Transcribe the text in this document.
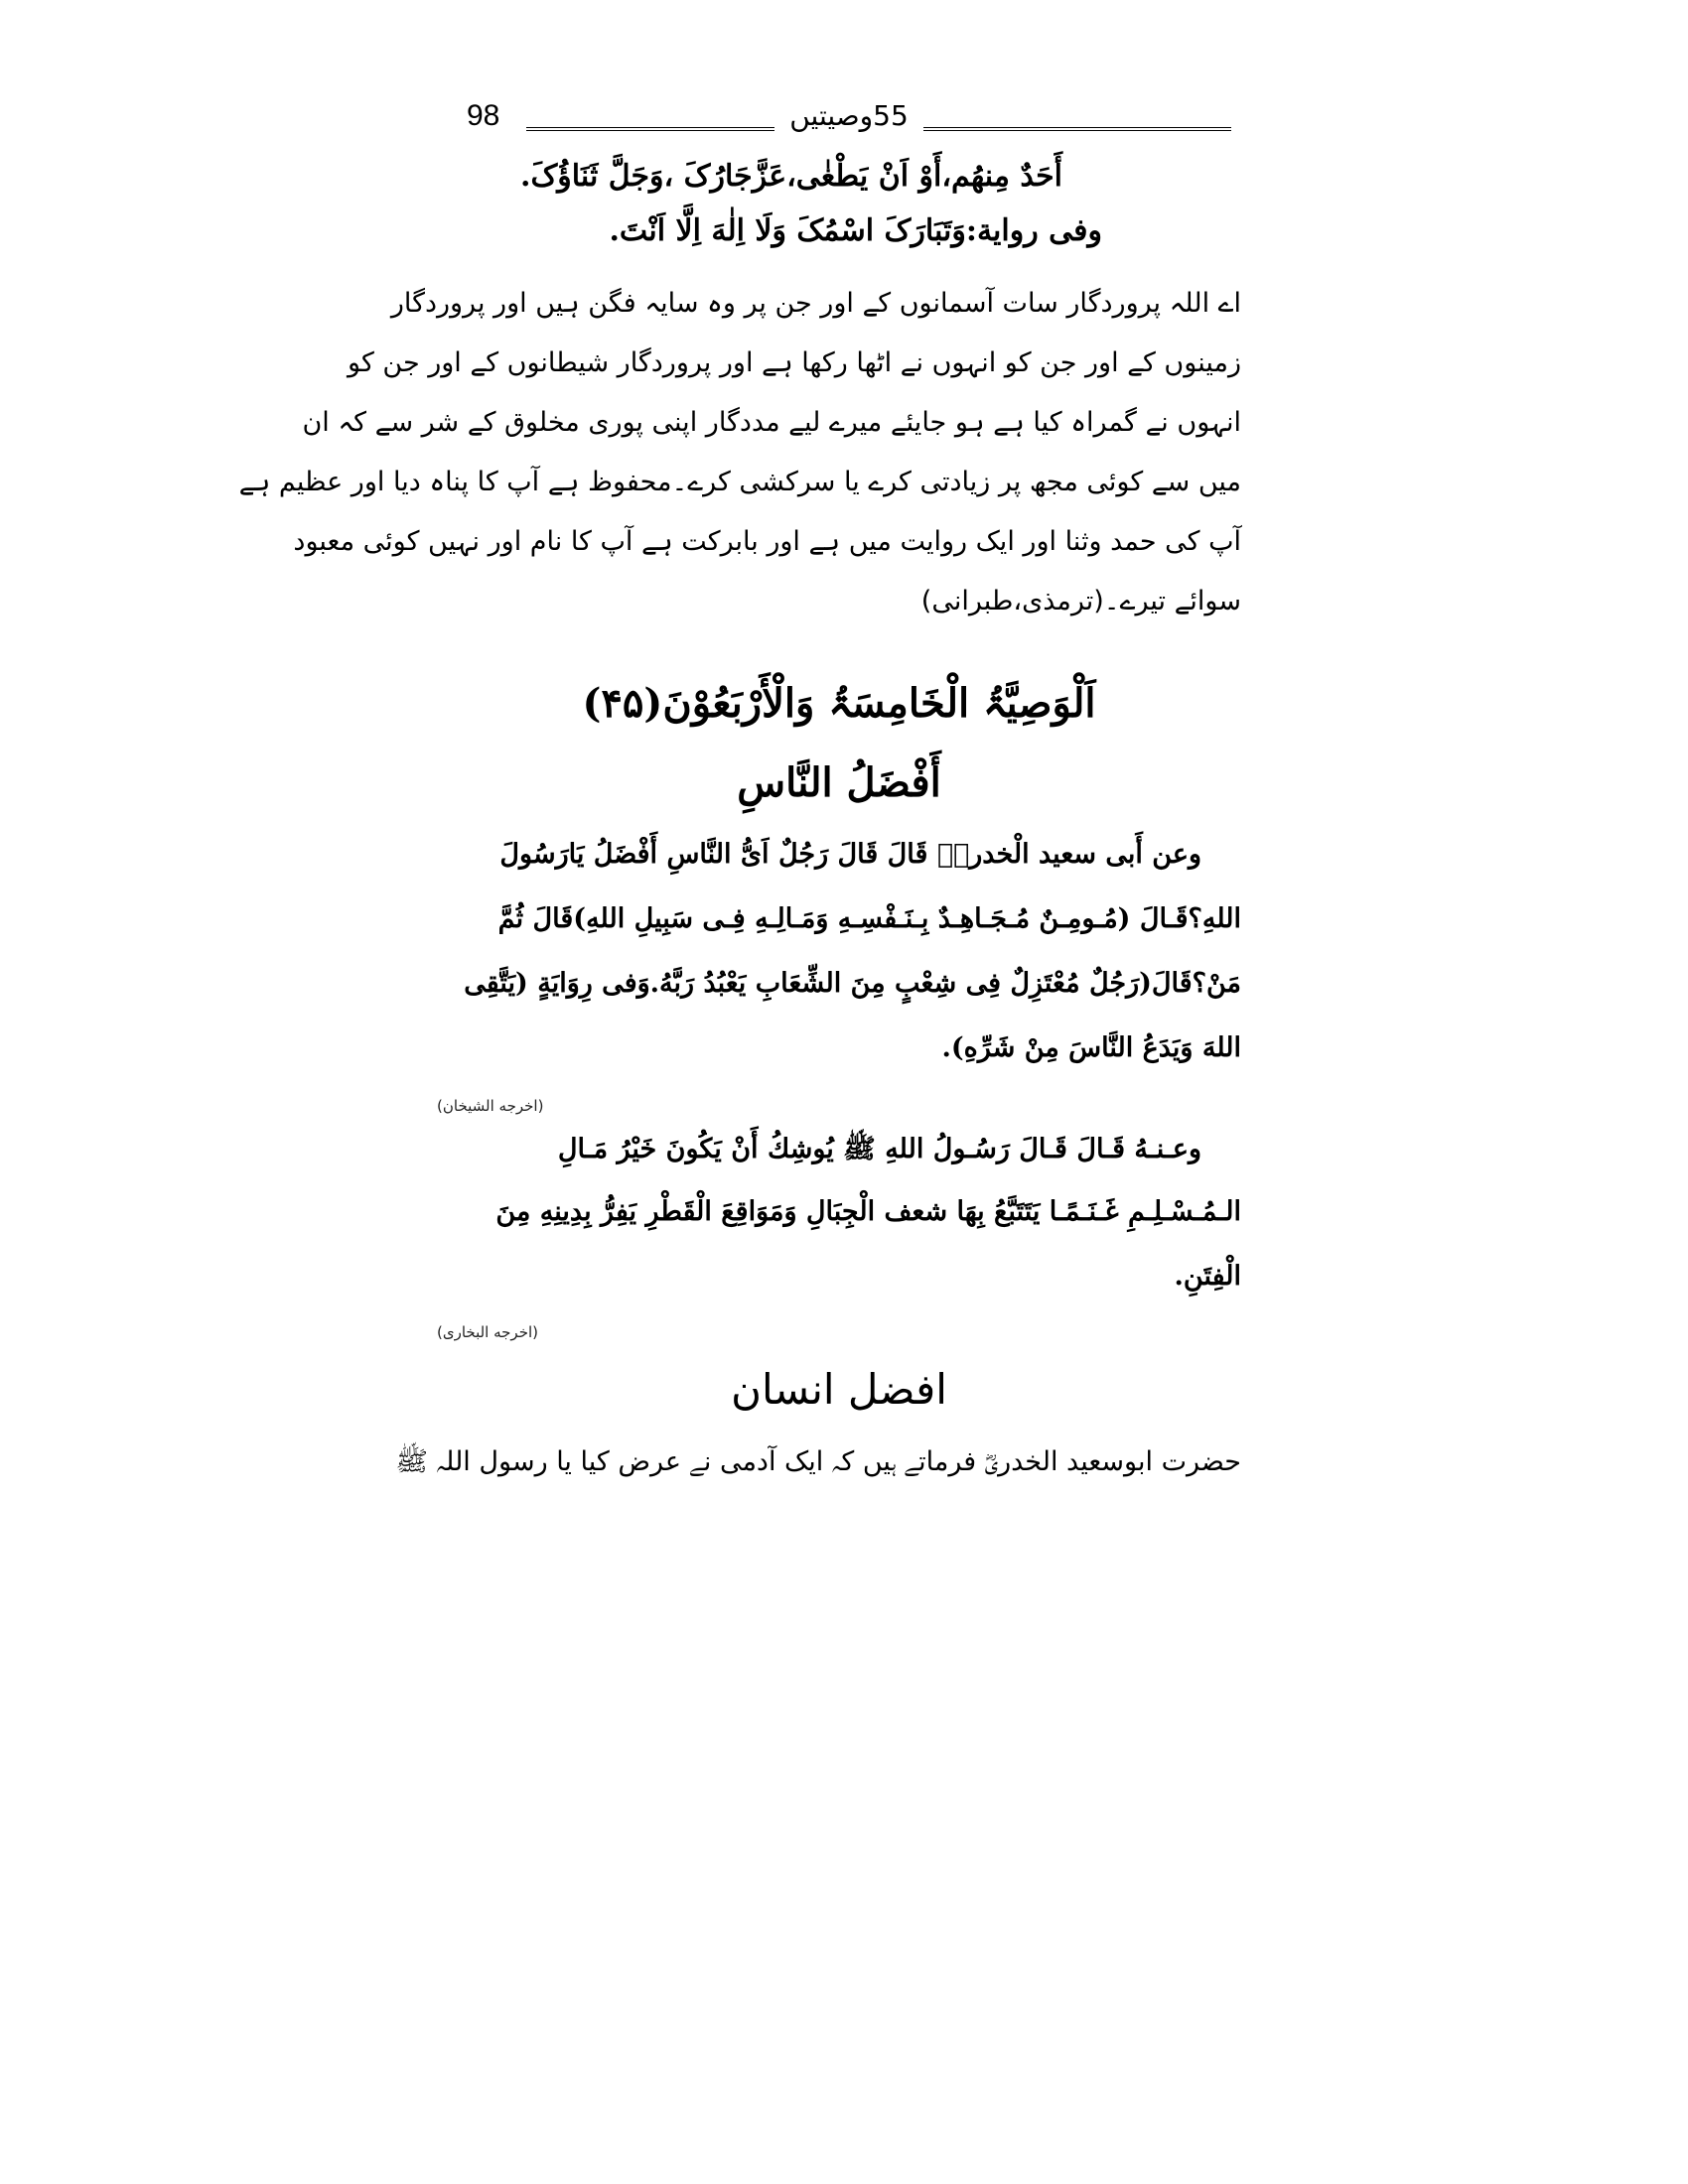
98	55وصیتیں
أَحَدٌ مِنهُم،أَوْ اَنْ يَطْغٰى،عَزَّجَارُکَ ،وَجَلَّ ثَنَاؤُکَ.
وفی روایة:وَتَبَارَکَ اسْمُکَ وَلَا اِلٰهَ اِلَّا اَنْتَ.
اے اللہ پروردگار سات آسمانوں کے اور جن پر وہ سایہ فگن ہیں اور پروردگار
زمینوں کے اور جن کو انہوں نے اٹھا رکھا ہے اور پروردگار شیطانوں کے اور جن کو
انہوں نے گمراہ کیا ہے ہو جایئے میرے لیے مددگار اپنی پوری مخلوق کے شر سے کہ ان
میں سے کوئی مجھ پر زیادتی کرے یا سرکشی کرے۔محفوظ ہے آپ کا پناہ دیا اور عظیم ہے
آپ کی حمد وثنا اور ایک روایت میں ہے اور بابرکت ہے آپ کا نام اور نہیں کوئی معبود
سوائے تیرے۔(ترمذی،طبرانی)
اَلْوَصِیَّۃُ الْخَامِسَۃُ وَالْأَرْبَعُوْنَ(۴۵)
أَفْضَلُ النَّاسِ
وعن أَبى سعيد الْخدرىؓ قَالَ قَالَ رَجُلٌ اَىُّ النَّاسِ أَفْضَلُ يَارَسُولَ
اللهِ؟قَـالَ (مُـومِـنٌ مُـجَـاهِـدٌ بِـنَـفْسِـهِ وَمَـالِـهِ فِـى سَبِيلِ اللهِ)قَالَ ثُمَّ
مَنْ؟قَالَ(رَجُلٌ مُعْتَزِلٌ فِى شِعْبٍ مِنَ الشِّعَابِ يَعْبُدُ رَبَّهُ.وَفى رِوَايَةٍ (يَتَّقِى
اللهَ وَيَدَعُ النَّاسَ مِنْ شَرِّهِ).
(اخرجه الشيخان)
وعـنـهُ قَـالَ قَـالَ رَسُـولُ اللهِ ﷺ يُوشِكُ أَنْ يَكُونَ خَيْرُ مَـالِ
الـمُـسْـلِـمِ غَـنَـمًـا يَتَتَبَّعُ بِهَا شعف الْجِبَالِ وَمَوَاقِعَ الْقَطْرِ يَفِرُّ بِدِينِهِ مِنَ
الْفِتَنِ.
(اخرجه البخارى)
افضل انسان
حضرت ابوسعید الخدریؓ فرماتے ہیں کہ ایک آدمی نے عرض کیا یا رسول اللہ ﷺ
